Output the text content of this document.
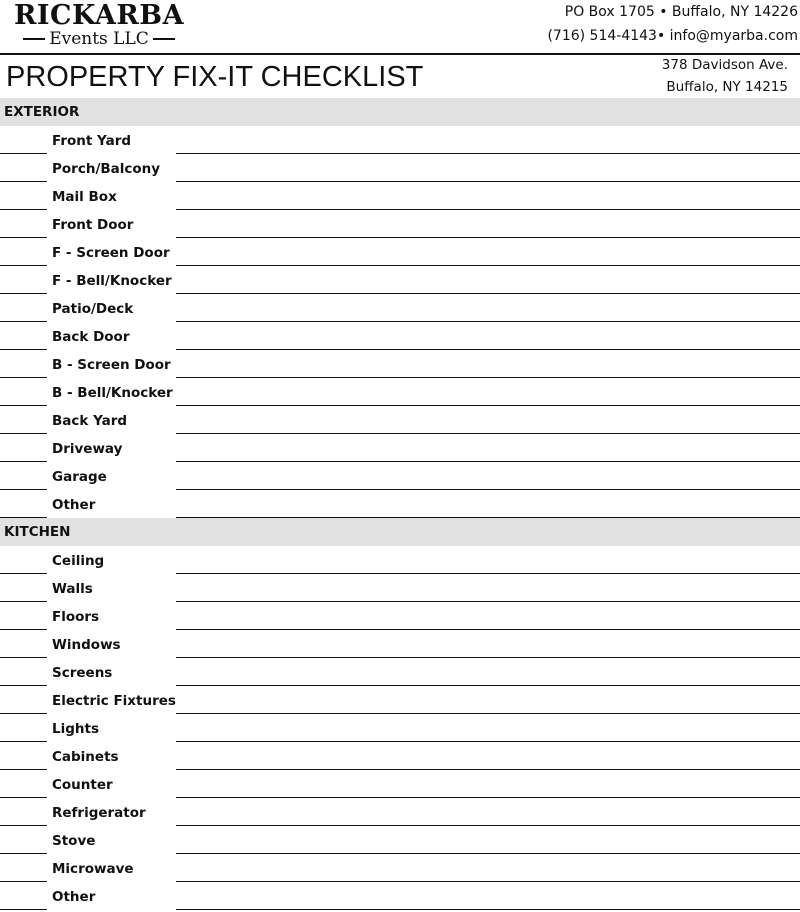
RICKARBA
Events LLC
PO Box 1705 • Buffalo, NY 14226
(716) 514-4143• info@myarba.com
PROPERTY FIX-IT CHECKLIST	378 Davidson Ave.
Buffalo, NY 14215
EXTERIOR
Front Yard
Porch/Balcony
Mail Box
Front Door
F - Screen Door
F - Bell/Knocker
Patio/Deck
Back Door
B - Screen Door
B - Bell/Knocker
Back Yard
Driveway
Garage
Other
KITCHEN
Ceiling
Walls
Floors
Windows
Screens
Electric Fixtures
Lights
Cabinets
Counter
Refrigerator
Stove
Microwave
Other
